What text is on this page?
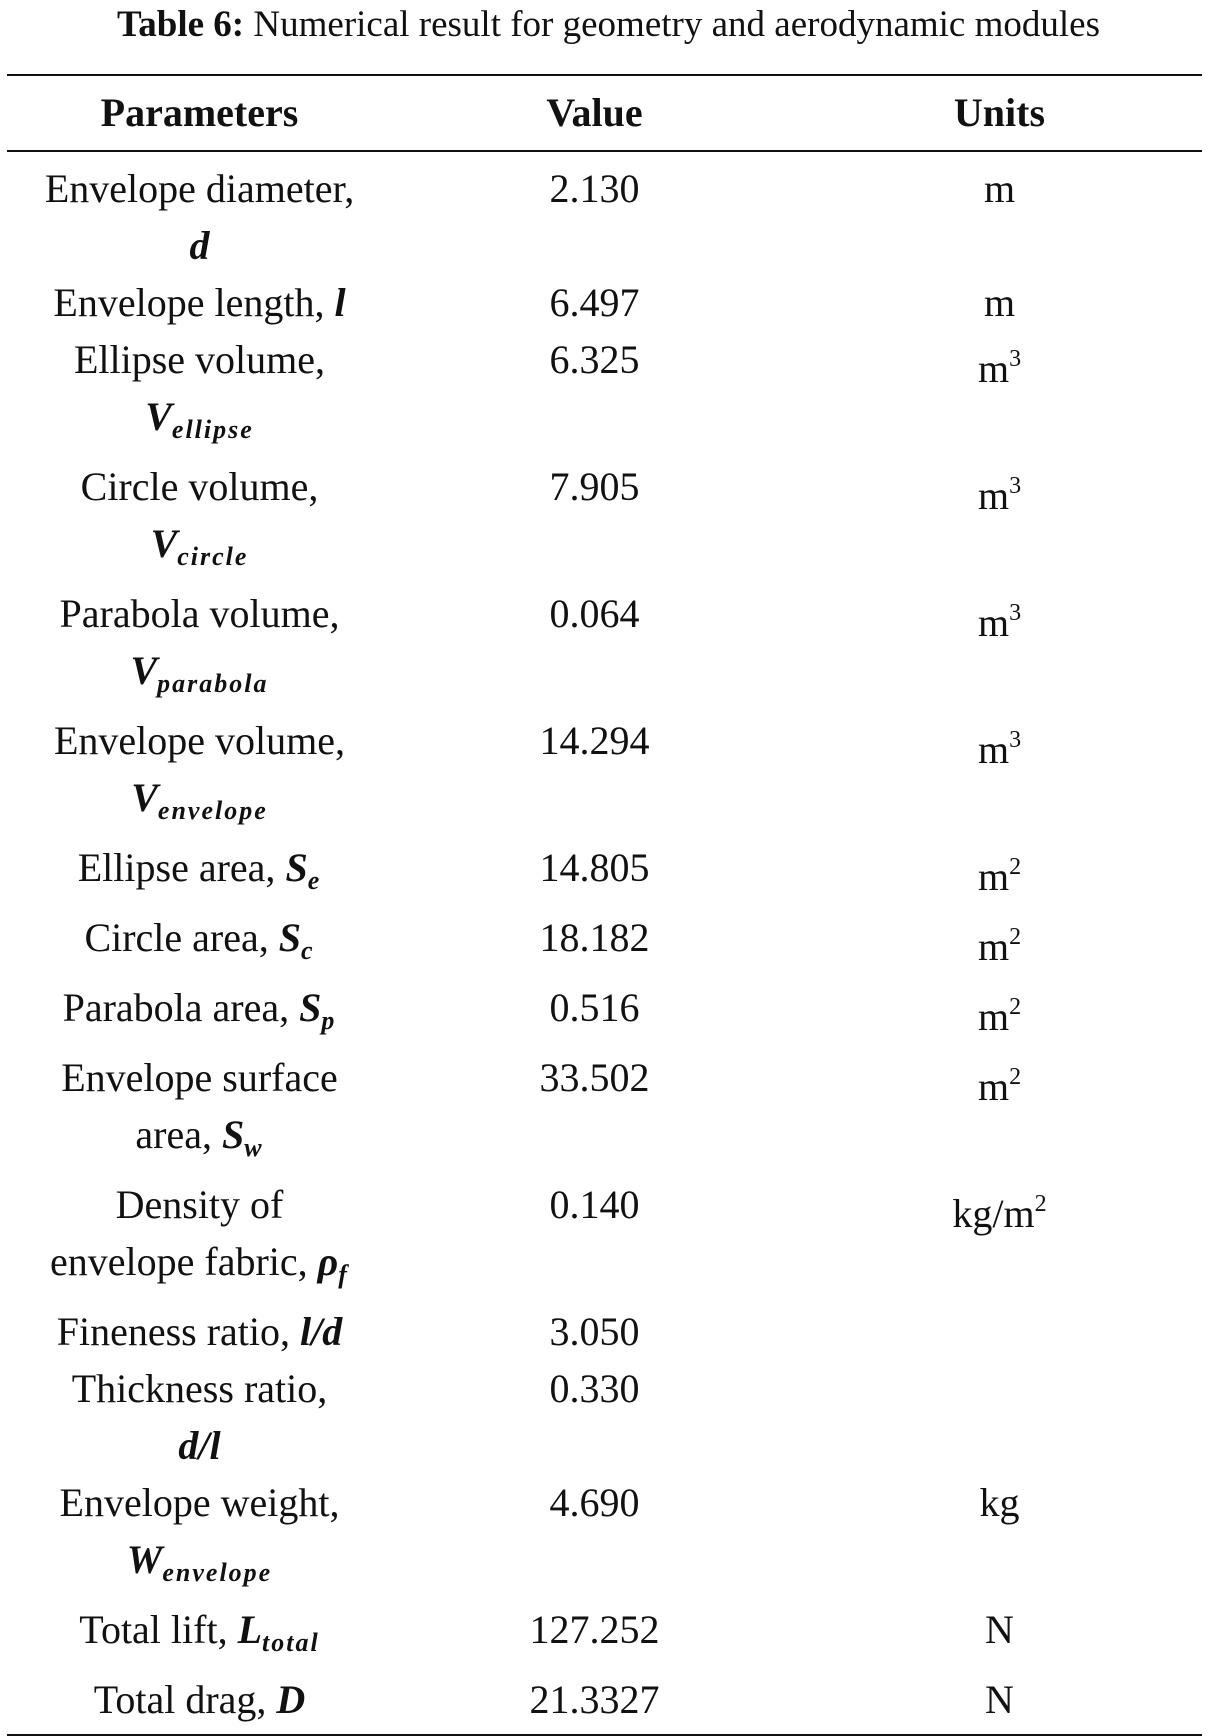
Table 6: Numerical result for geometry and aerodynamic modules
Parameters	Value	Units
Envelope diameter,
d
2.130	m
Envelope length, l	6.497	m
Ellipse volume,
$V_{ellipse}$
6.325	$m^3$
Circle volume,
$V_{circle}$
7.905	$m^3$
Parabola volume,
$V_{parabola}$
0.064	$m^3$
Envelope volume,
$V_{envelope}$
14.294	$m^3$
Ellipse area, $S_e$	14.805	$m^2$
Circle area, $S_c$	18.182	$m^2$
Parabola area, $S_p$	0.516	$m^2$
Envelope surface
area, $S_w$
33.502	$m^2$
Density of
envelope fabric, $\rho_f$
0.140	$kg/m^2$
Fineness ratio, l/d	3.050
Thickness ratio,
d/l
0.330
Envelope weight,
$W_{envelope}$
4.690	kg
Total lift, $L_{total}$	127.252	N
Total drag, D	21.3327	N
